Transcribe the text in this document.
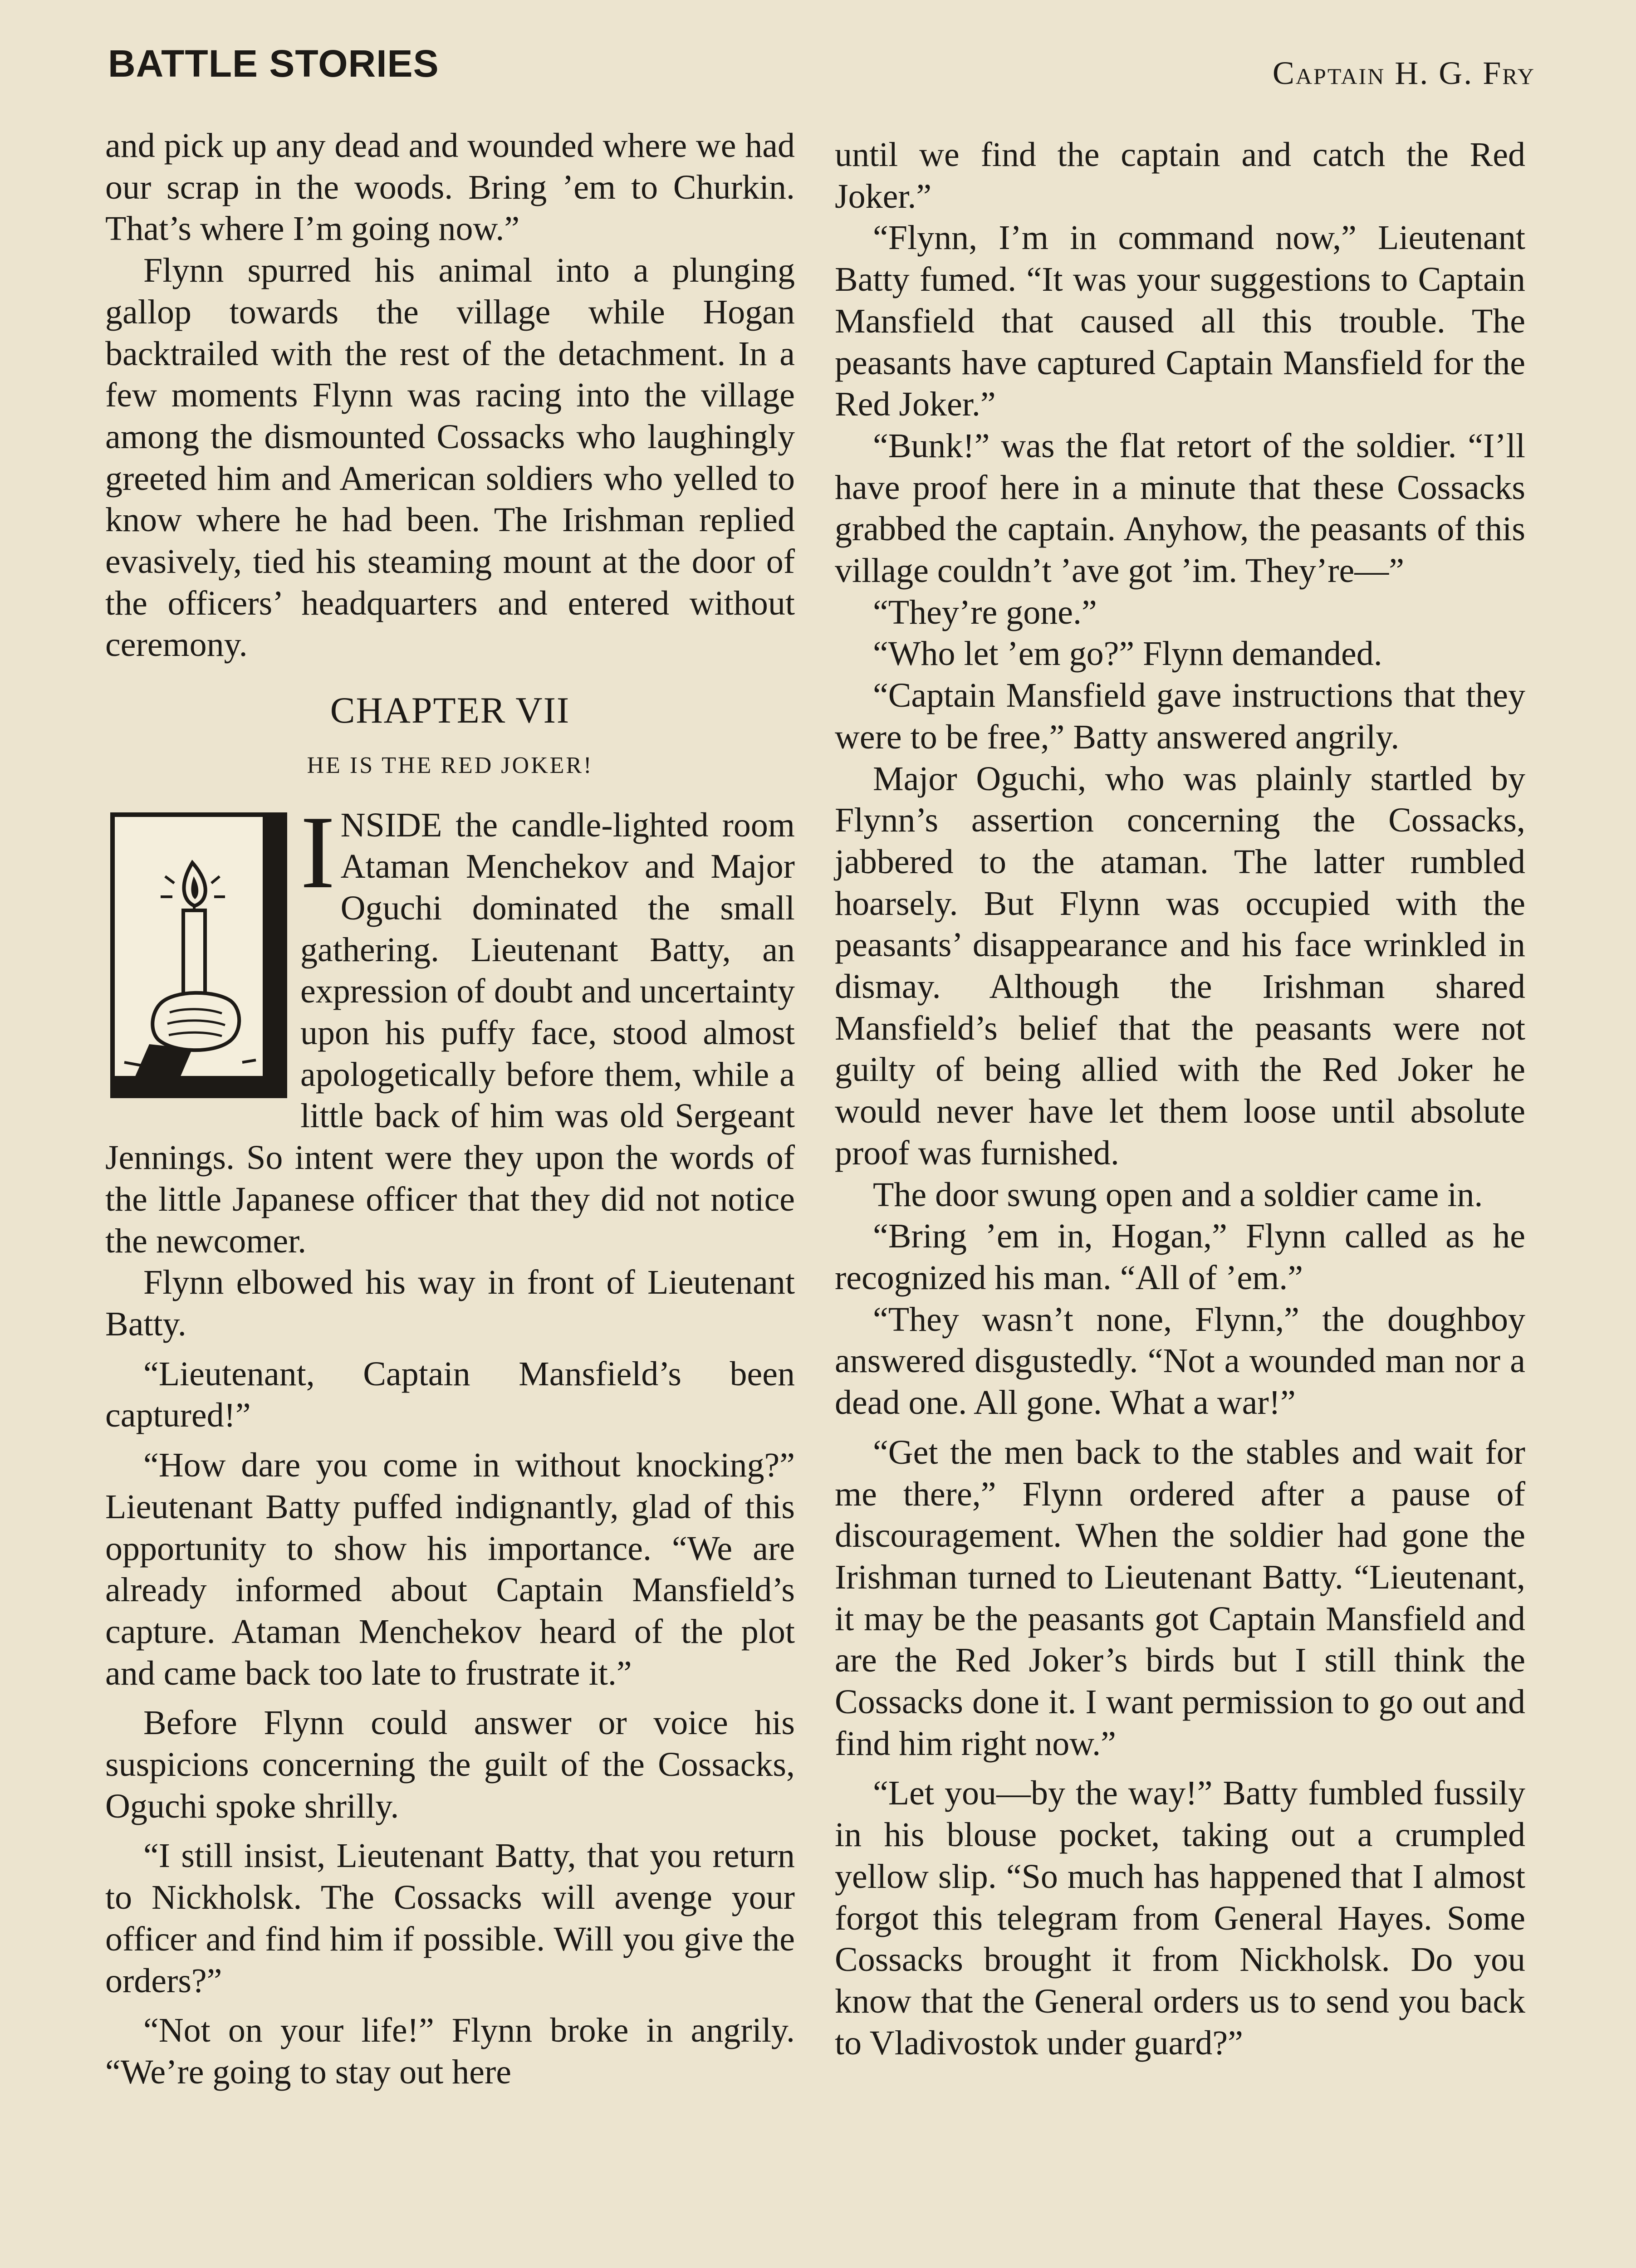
BATTLE STORIES	Captain H. G. Fry

and pick up any dead and wounded where we had our scrap in the woods. Bring ’em to Churkin. That’s where I’m going now.”

Flynn spurred his animal into a plunging gallop towards the village while Hogan backtrailed with the rest of the detachment. In a few moments Flynn was racing into the village among the dismounted Cossacks who laughingly greeted him and American soldiers who yelled to know where he had been. The Irishman replied evasively, tied his steaming mount at the door of the officers’ headquarters and entered without ceremony.

CHAPTER VII
HE IS THE RED JOKER!
I NSIDE the candle-lighted room Ataman Menchekov and Major Oguchi dominated the small gathering. Lieutenant Batty, an expression of doubt and uncertainty upon his puffy face, stood almost apologetically before them, while a little back of him was old Sergeant Jennings. So intent were they upon the words of the little Japanese officer that they did not notice the newcomer.

Flynn elbowed his way in front of Lieutenant Batty.

“Lieutenant, Captain Mansfield’s been captured!”

“How dare you come in without knocking?” Lieutenant Batty puffed indignantly, glad of this opportunity to show his importance. “We are already informed about Captain Mansfield’s capture. Ataman Menchekov heard of the plot and came back too late to frustrate it.”

Before Flynn could answer or voice his suspicions concerning the guilt of the Cossacks, Oguchi spoke shrilly.

“I still insist, Lieutenant Batty, that you return to Nickholsk. The Cossacks will avenge your officer and find him if possible. Will you give the orders?”

“Not on your life!” Flynn broke in angrily. “We’re going to stay out here

until we find the captain and catch the Red Joker.”

“Flynn, I’m in command now,” Lieutenant Batty fumed. “It was your suggestions to Captain Mansfield that caused all this trouble. The peasants have captured Captain Mansfield for the Red Joker.”

“Bunk!” was the flat retort of the soldier. “I’ll have proof here in a minute that these Cossacks grabbed the captain. Anyhow, the peasants of this village couldn’t ’ave got ’im. They’re—”

“They’re gone.”

“Who let ’em go?” Flynn demanded.

“Captain Mansfield gave instructions that they were to be free,” Batty answered angrily.

Major Oguchi, who was plainly startled by Flynn’s assertion concerning the Cossacks, jabbered to the ataman. The latter rumbled hoarsely. But Flynn was occupied with the peasants’ disappearance and his face wrinkled in dismay. Although the Irishman shared Mansfield’s belief that the peasants were not guilty of being allied with the Red Joker he would never have let them loose until absolute proof was furnished.

The door swung open and a soldier came in.

“Bring ’em in, Hogan,” Flynn called as he recognized his man. “All of ’em.”

“They wasn’t none, Flynn,” the doughboy answered disgustedly. “Not a wounded man nor a dead one. All gone. What a war!”

“Get the men back to the stables and wait for me there,” Flynn ordered after a pause of discouragement. When the soldier had gone the Irishman turned to Lieutenant Batty. “Lieutenant, it may be the peasants got Captain Mansfield and are the Red Joker’s birds but I still think the Cossacks done it. I want permission to go out and find him right now.”

“Let you—by the way!” Batty fumbled fussily in his blouse pocket, taking out a crumpled yellow slip. “So much has happened that I almost forgot this telegram from General Hayes. Some Cossacks brought it from Nickholsk. Do you know that the General orders us to send you back to Vladivostok under guard?”
